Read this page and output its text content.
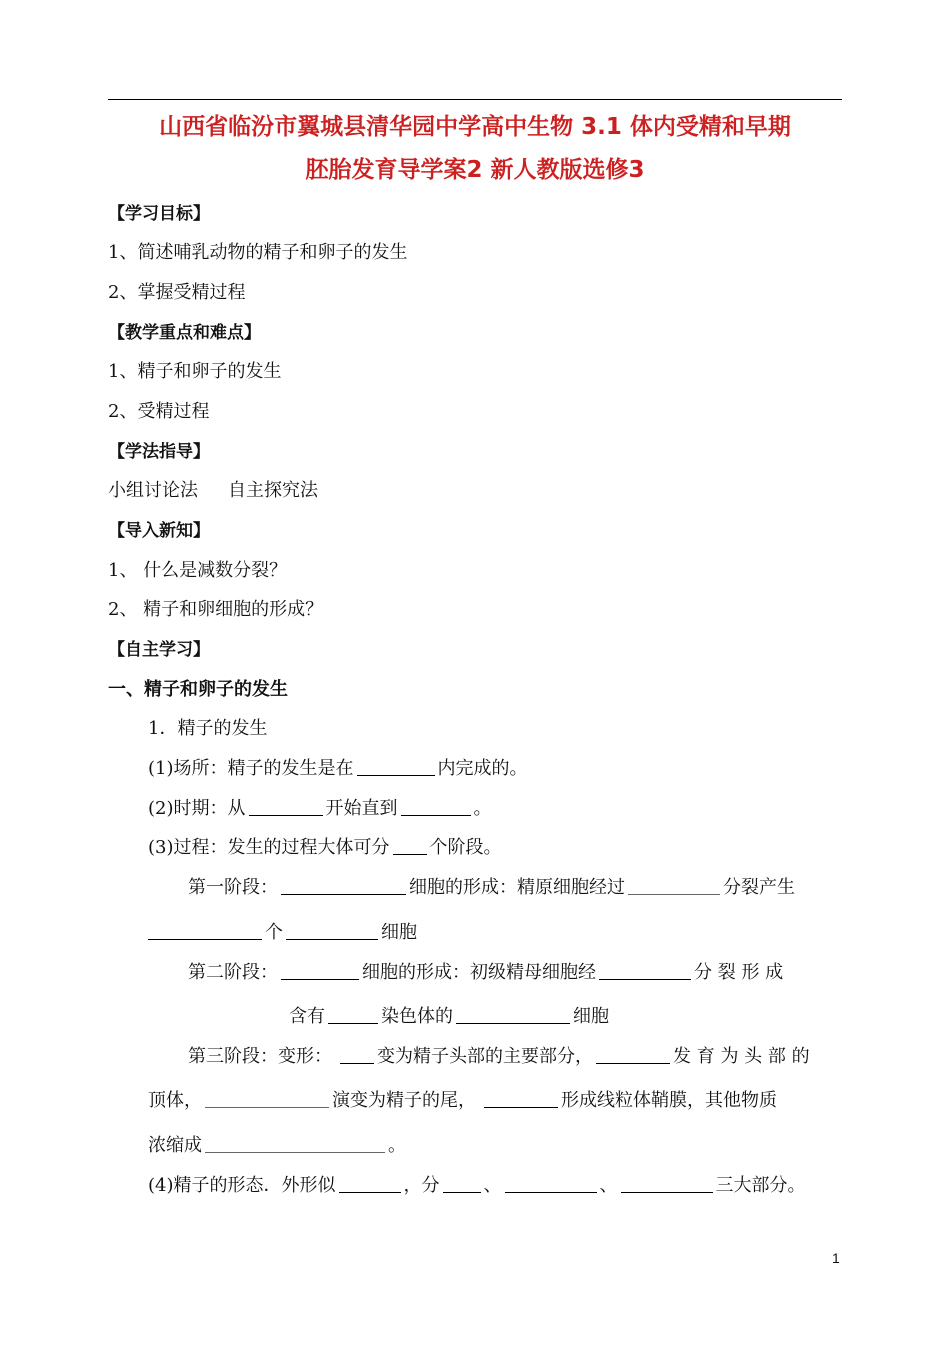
山西省临汾市翼城县清华园中学高中生物 3.1 体内受精和早期
胚胎发育导学案2 新人教版选修3
【学习目标】
1、简述哺乳动物的精子和卵子的发生
2、掌握受精过程
【教学重点和难点】
1、精子和卵子的发生
2、受精过程
【学法指导】
小组讨论法 自主探究法
【导入新知】
1、 什么是减数分裂？
2、 精子和卵细胞的形成？
【自主学习】
一、精子和卵子的发生
1．精子的发生
(1)场所：精子的发生是在	内完成的。
(2)时期：从	开始直到	。
(3)过程：发生的过程大体可分 个阶段。
第一阶段：	细胞的形成：精原细胞经过	分裂产生
个	细胞
第二阶段：	细胞的形成：初级精母细胞经	分 裂 形 成
含有	染色体的	细胞
第三阶段：变形：	变为精子头部的主要部分，	发 育 为 头 部 的
顶体，	演变为精子的尾，	形成线粒体鞘膜，其他物质
浓缩成	。
(4)精子的形态．外形似	，分 、	、	三大部分。
1
